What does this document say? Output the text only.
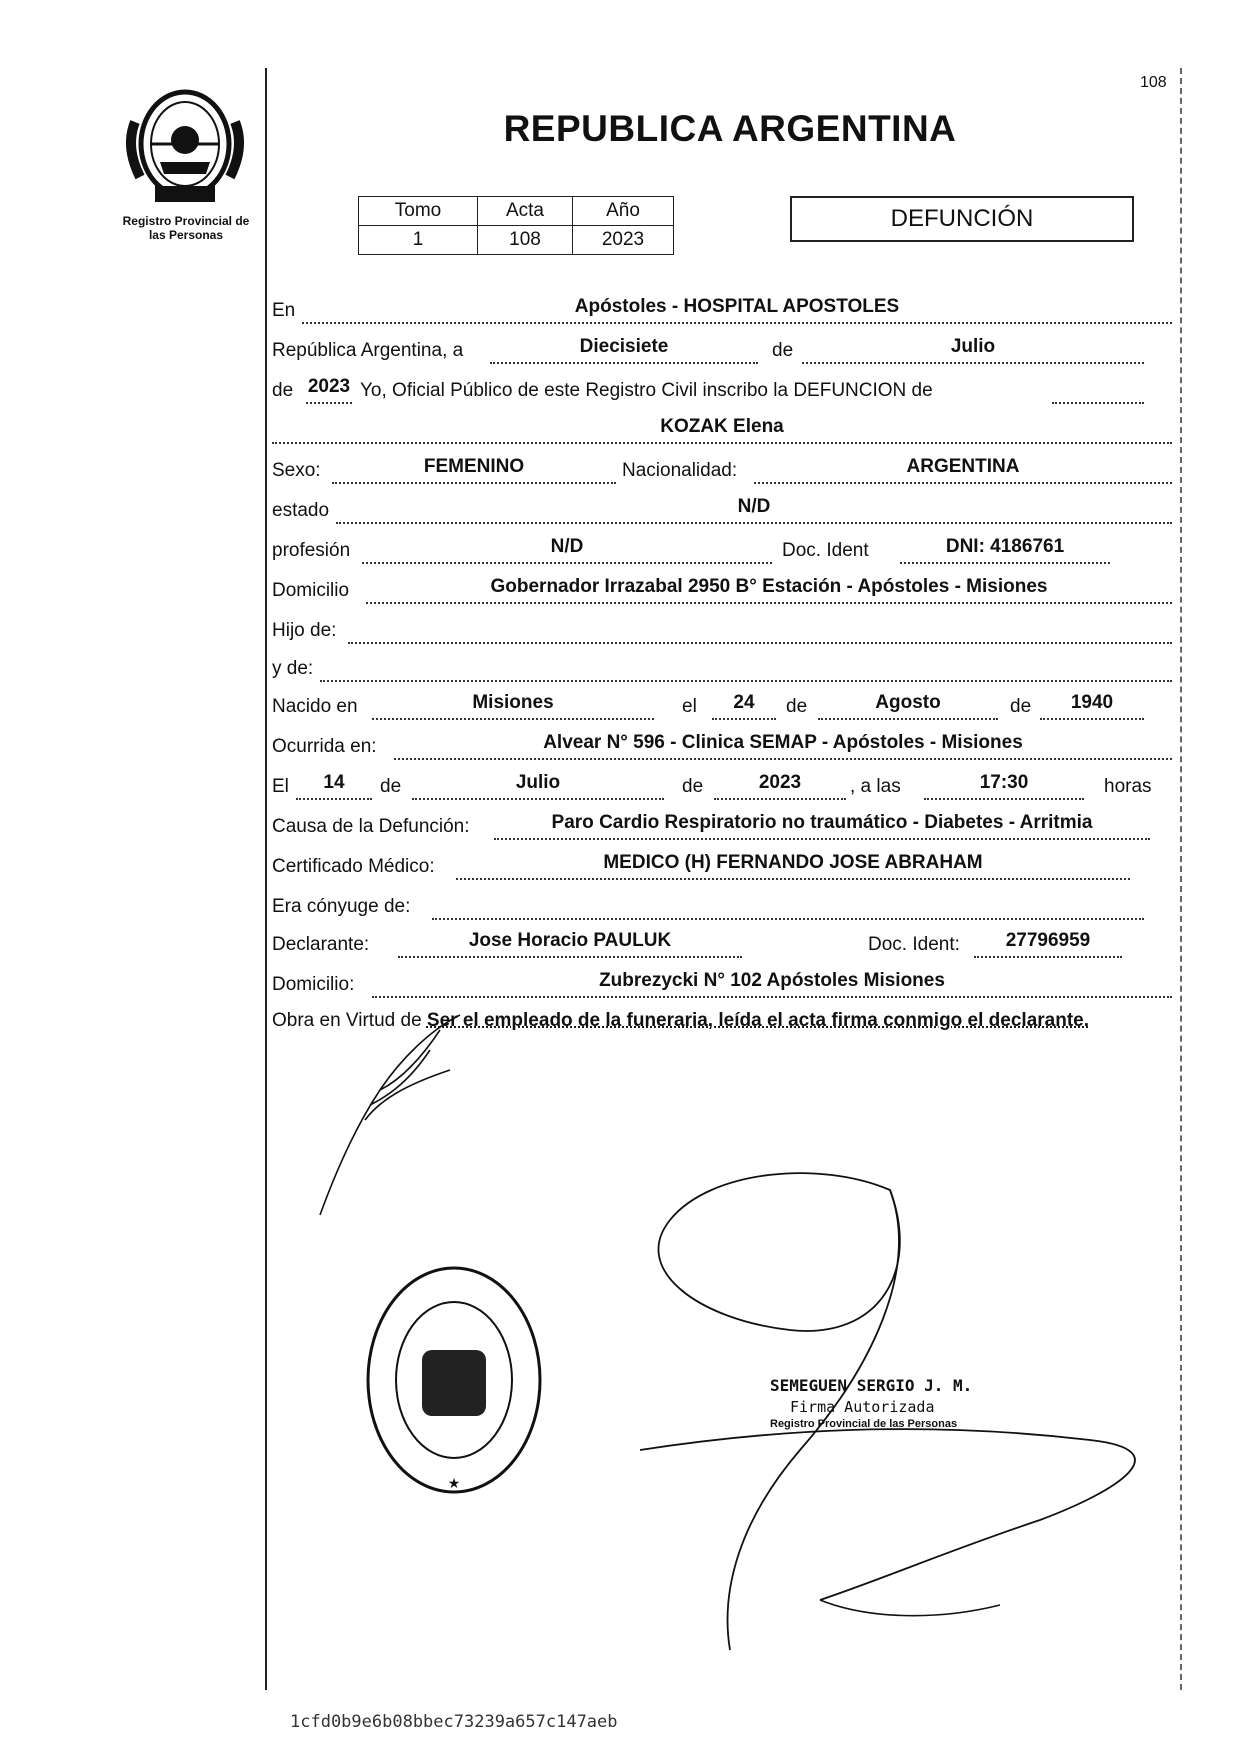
Registro Provincial de
las Personas
108
REPUBLICA ARGENTINA
Tomo	Acta	Año
1	108	2023
DEFUNCIÓN
En	Apóstoles - HOSPITAL APOSTOLES
República Argentina, a	Diecisiete	de	Julio
de 2023 Yo, Oficial Público de este Registro Civil inscribo la DEFUNCION de
KOZAK Elena
Sexo:	FEMENINO	Nacionalidad:	ARGENTINA
estado	N/D
profesión	N/D	Doc. Ident	DNI: 4186761
Domicilio	Gobernador Irrazabal 2950 B° Estación - Apóstoles - Misiones
Hijo de:
y de:
Nacido en	Misiones	el	24	de	Agosto	de	1940
Ocurrida en:	Alvear N° 596 - Clinica SEMAP - Apóstoles - Misiones
El	14	de	Julio	de	2023	, a las	17:30	horas
Causa de la Defunción:	Paro Cardio Respiratorio no traumático - Diabetes - Arritmia
Certificado Médico:	MEDICO (H) FERNANDO JOSE ABRAHAM
Era cónyuge de:
Declarante:	Jose Horacio PAULUK	Doc. Ident:	27796959
Domicilio:	Zubrezycki N° 102 Apóstoles Misiones
Obra en Virtud de Ser el empleado de la funeraria, leída el acta firma conmigo el declarante.
★
SEMEGUEN SERGIO J. M.
Firma Autorizada
Registro Provincial de las Personas
1cfd0b9e6b08bbec73239a657c147aeb
